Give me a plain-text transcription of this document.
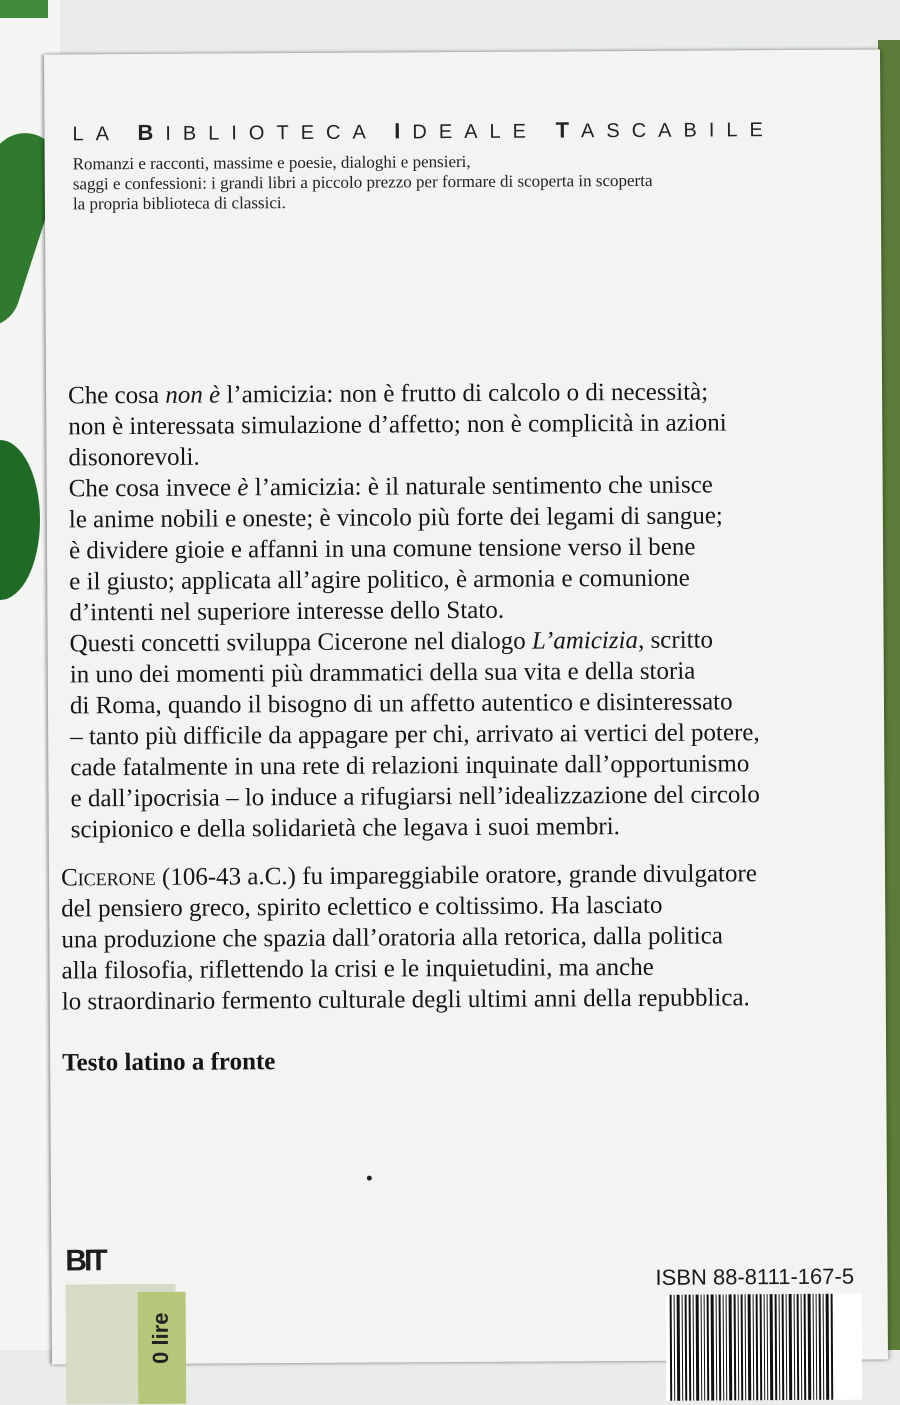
LA BIBLIOTECA IDEALE TASCABILE
Romanzi e racconti, massime e poesie, dialoghi e pensieri,
saggi e confessioni: i grandi libri a piccolo prezzo per formare di scoperta in scoperta
la propria biblioteca di classici.
Che cosa non è l’amicizia: non è frutto di calcolo o di necessità;
non è interessata simulazione d’affetto; non è complicità in azioni
disonorevoli.
Che cosa invece è l’amicizia: è il naturale sentimento che unisce
le anime nobili e oneste; è vincolo più forte dei legami di sangue;
è dividere gioie e affanni in una comune tensione verso il bene
e il giusto; applicata all’agire politico, è armonia e comunione
d’intenti nel superiore interesse dello Stato.
Questi concetti sviluppa Cicerone nel dialogo L’amicizia, scritto
in uno dei momenti più drammatici della sua vita e della storia
di Roma, quando il bisogno di un affetto autentico e disinteressato
– tanto più difficile da appagare per chi, arrivato ai vertici del potere,
cade fatalmente in una rete di relazioni inquinate dall’opportunismo
e dall’ipocrisia – lo induce a rifugiarsi nell’idealizzazione del circolo
scipionico e della solidarietà che legava i suoi membri.
Cicerone (106-43 a.C.) fu impareggiabile oratore, grande divulgatore
del pensiero greco, spirito eclettico e coltissimo. Ha lasciato
una produzione che spazia dall’oratoria alla retorica, dalla politica
alla filosofia, riflettendo la crisi e le inquietudini, ma anche
lo straordinario fermento culturale degli ultimi anni della repubblica.
Testo latino a fronte
BIT
0 lire
ISBN 88-8111-167-5
